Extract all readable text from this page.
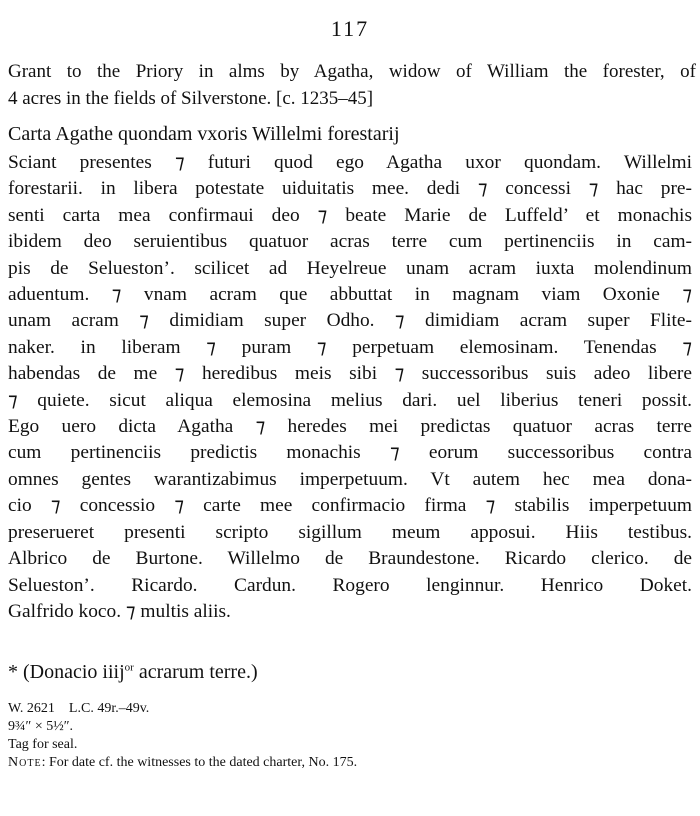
117
Grant to the Priory in alms by Agatha, widow of William the forester, of
4 acres in the fields of Silverstone. [c. 1235–45]
Carta Agathe quondam vxoris Willelmi forestarij
Sciant presentes ⁊ futuri quod ego Agatha uxor quondam. Willelmi
forestarii. in libera potestate uiduitatis mee. dedi ⁊ concessi ⁊ hac pre-
senti carta mea confirmaui deo ⁊ beate Marie de Luffeld’ et monachis
ibidem deo seruientibus quatuor acras terre cum pertinenciis in cam-
pis de Selueston’. scilicet ad Heyelreue unam acram iuxta molendinum
aduentum. ⁊ vnam acram que abbuttat in magnam viam Oxonie ⁊
unam acram ⁊ dimidiam super Odho. ⁊ dimidiam acram super Flite-
naker. in liberam ⁊ puram ⁊ perpetuam elemosinam. Tenendas ⁊
habendas de me ⁊ heredibus meis sibi ⁊ successoribus suis adeo libere
⁊ quiete. sicut aliqua elemosina melius dari. uel liberius teneri possit.
Ego uero dicta Agatha ⁊ heredes mei predictas quatuor acras terre
cum pertinenciis predictis monachis ⁊ eorum successoribus contra
omnes gentes warantizabimus imperpetuum. Vt autem hec mea dona-
cio ⁊ concessio ⁊ carte mee confirmacio firma ⁊ stabilis imperpetuum
preserueret presenti scripto sigillum meum apposui. Hiis testibus.
Albrico de Burtone. Willelmo de Braundestone. Ricardo clerico. de
Selueston’. Ricardo. Cardun. Rogero lenginnur. Henrico Doket.
Galfrido koco. ⁊ multis aliis.
* (Donacio iiij$^{or}$ acrarum terre.)
W. 2621    L.C. 49r.–49v.
9¾″ × 5½″.
Tag for seal.
Note: For date cf. the witnesses to the dated charter, No. 175.
